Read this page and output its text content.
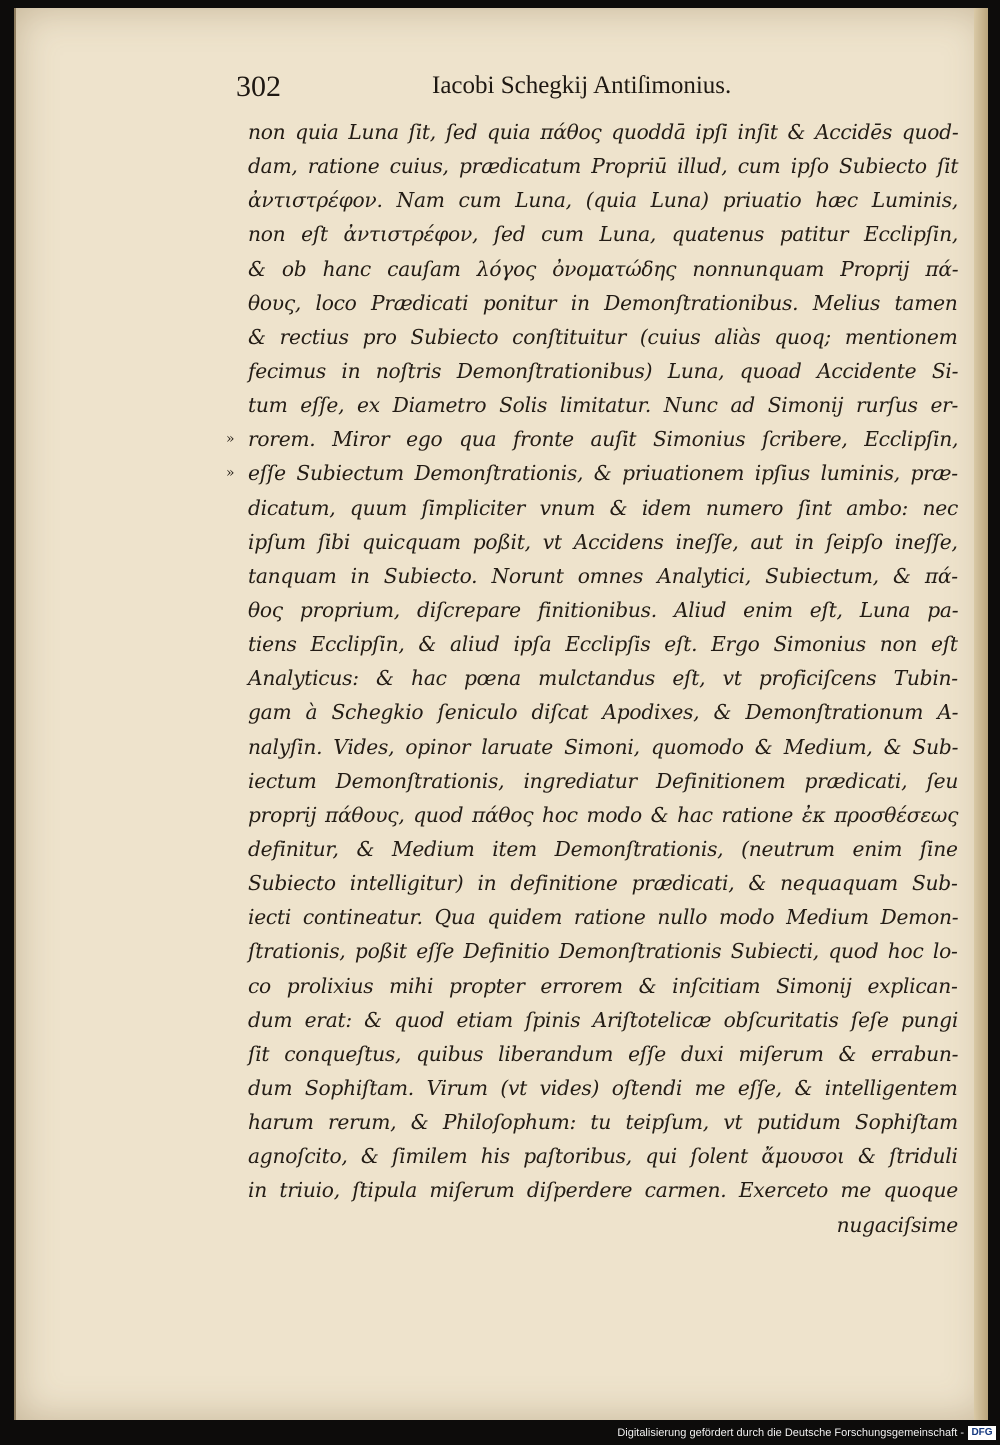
302	Iacobi Schegkij Antiſimonius.
non quia Luna ſit, ſed quia πάθος quoddā ipſi inſit & Accidēs quod-
dam, ratione cuius, prædicatum Propriū illud, cum ipſo Subiecto ſit
ἀντιστρέφον. Nam cum Luna, (quia Luna) priuatio hæc Luminis,
non eſt ἀντιστρέφον, ſed cum Luna, quatenus patitur Ecclipſin,
& ob hanc cauſam λόγος ὀνοματώδης nonnunquam Proprij πά-
θους, loco Prædicati ponitur in Demonſtrationibus. Melius tamen
& rectius pro Subiecto conſtituitur (cuius aliàs quoq; mentionem
fecimus in noſtris Demonſtrationibus) Luna, quoad Accidente Si-
tum eſſe, ex Diametro Solis limitatur. Nunc ad Simonij rurſus er-
» rorem. Miror ego qua fronte auſit Simonius ſcribere, Ecclipſin,
» eſſe Subiectum Demonſtrationis, & priuationem ipſius luminis, præ-
dicatum, quum ſimpliciter vnum & idem numero ſint ambo: nec
ipſum ſibi quicquam poßit, vt Accidens ineſſe, aut in ſeipſo ineſſe,
tanquam in Subiecto. Norunt omnes Analytici, Subiectum, & πά-
θος proprium, diſcrepare finitionibus. Aliud enim eſt, Luna pa-
tiens Ecclipſin, & aliud ipſa Ecclipſis eſt. Ergo Simonius non eſt
Analyticus: & hac pœna mulctandus eſt, vt proficiſcens Tubin-
gam à Schegkio ſeniculo diſcat Apodixes, & Demonſtrationum A-
nalyſin. Vides, opinor laruate Simoni, quomodo & Medium, & Sub-
iectum Demonſtrationis, ingrediatur Definitionem prædicati, ſeu
proprij πάθους, quod πάθος hoc modo & hac ratione ἐκ προσθέσεως
definitur, & Medium item Demonſtrationis, (neutrum enim ſine
Subiecto intelligitur) in definitione prædicati, & nequaquam Sub-
iecti contineatur. Qua quidem ratione nullo modo Medium Demon-
ſtrationis, poßit eſſe Definitio Demonſtrationis Subiecti, quod hoc lo-
co prolixius mihi propter errorem & inſcitiam Simonij explican-
dum erat: & quod etiam ſpinis Ariſtotelicæ obſcuritatis ſeſe pungi
ſit conqueſtus, quibus liberandum eſſe duxi miſerum & errabun-
dum Sophiſtam. Virum (vt vides) oſtendi me eſſe, & intelligentem
harum rerum, & Philoſophum: tu teipſum, vt putidum Sophiſtam
agnoſcito, & ſimilem his paſtoribus, qui ſolent ἄμουσοι & ſtriduli
in triuio, ſtipula miſerum diſperdere carmen. Exerceto me quoque
nugaciſsime
Digitalisierung gefördert durch die Deutsche Forschungsgemeinschaft - DFG
